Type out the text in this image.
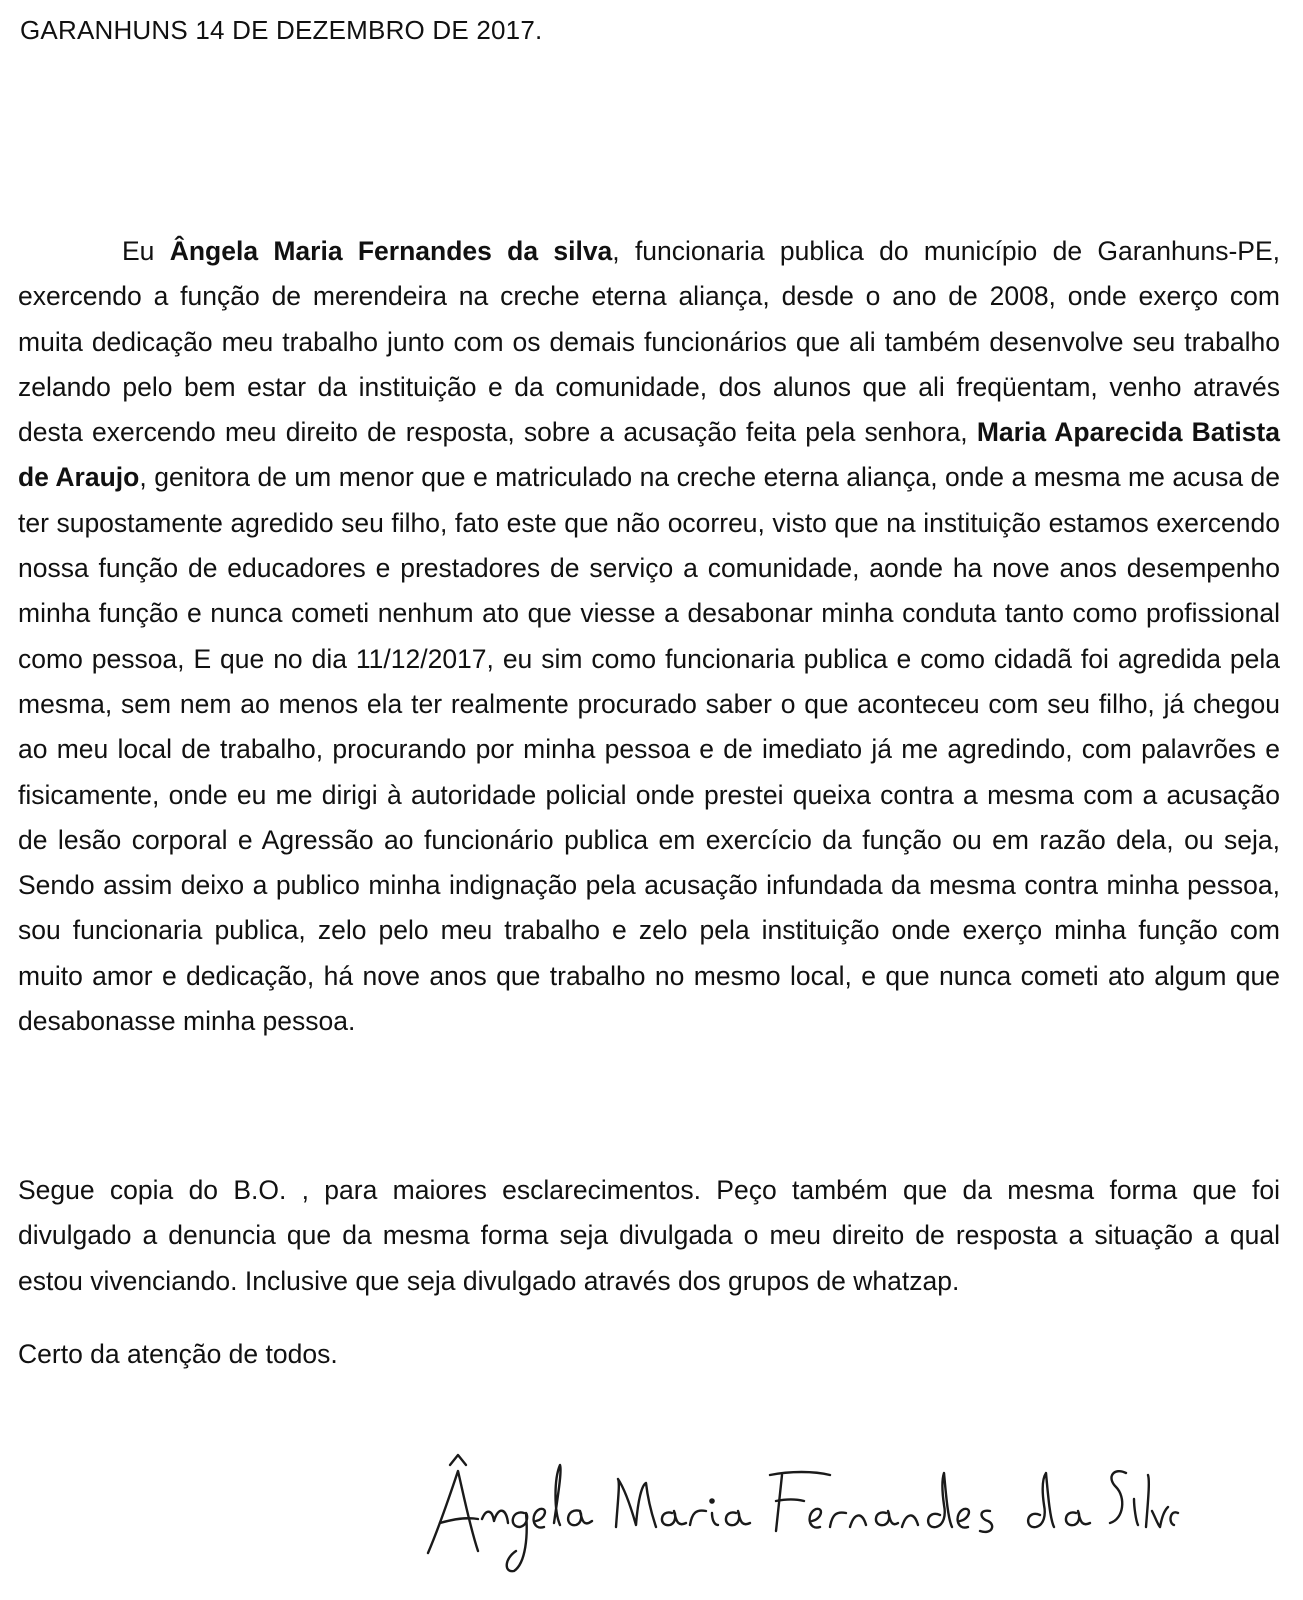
GARANHUNS 14 DE DEZEMBRO DE 2017.

Eu Ângela Maria Fernandes da silva, funcionaria publica do município de Garanhuns-PE, exercendo a função de merendeira na creche eterna aliança, desde o ano de 2008, onde exerço com muita dedicação meu trabalho junto com os demais funcionários que ali também desenvolve seu trabalho zelando pelo bem estar da instituição e da comunidade, dos alunos que ali freqüentam, venho através desta exercendo meu direito de resposta, sobre a acusação feita pela senhora, Maria Aparecida Batista de Araujo, genitora de um menor que e matriculado na creche eterna aliança, onde a mesma me acusa de ter supostamente agredido seu filho, fato este que não ocorreu, visto que na instituição estamos exercendo nossa função de educadores e prestadores de serviço a comunidade, aonde ha nove anos desempenho minha função e nunca cometi nenhum ato que viesse a desabonar minha conduta tanto como profissional como pessoa, E que no dia 11/12/2017, eu sim como funcionaria publica e como cidadã foi agredida pela mesma, sem nem ao menos ela ter realmente procurado saber o que aconteceu com seu filho, já chegou ao meu local de trabalho, procurando por minha pessoa e de imediato já me agredindo, com palavrões e fisicamente, onde eu me dirigi à autoridade policial onde prestei queixa contra a mesma com a acusação de lesão corporal e Agressão ao funcionário publica em exercício da função ou em razão dela, ou seja, Sendo assim deixo a publico minha indignação pela acusação infundada da mesma contra minha pessoa, sou funcionaria publica, zelo pelo meu trabalho e zelo pela instituição onde exerço minha função com muito amor e dedicação, há nove anos que trabalho no mesmo local, e que nunca cometi ato algum que desabonasse minha pessoa.

Segue copia do B.O. , para maiores esclarecimentos. Peço também que da mesma forma que foi divulgado a denuncia que da mesma forma seja divulgada o meu direito de resposta a situação a qual estou vivenciando. Inclusive que seja divulgado através dos grupos de whatzap.

Certo da atenção de todos.
